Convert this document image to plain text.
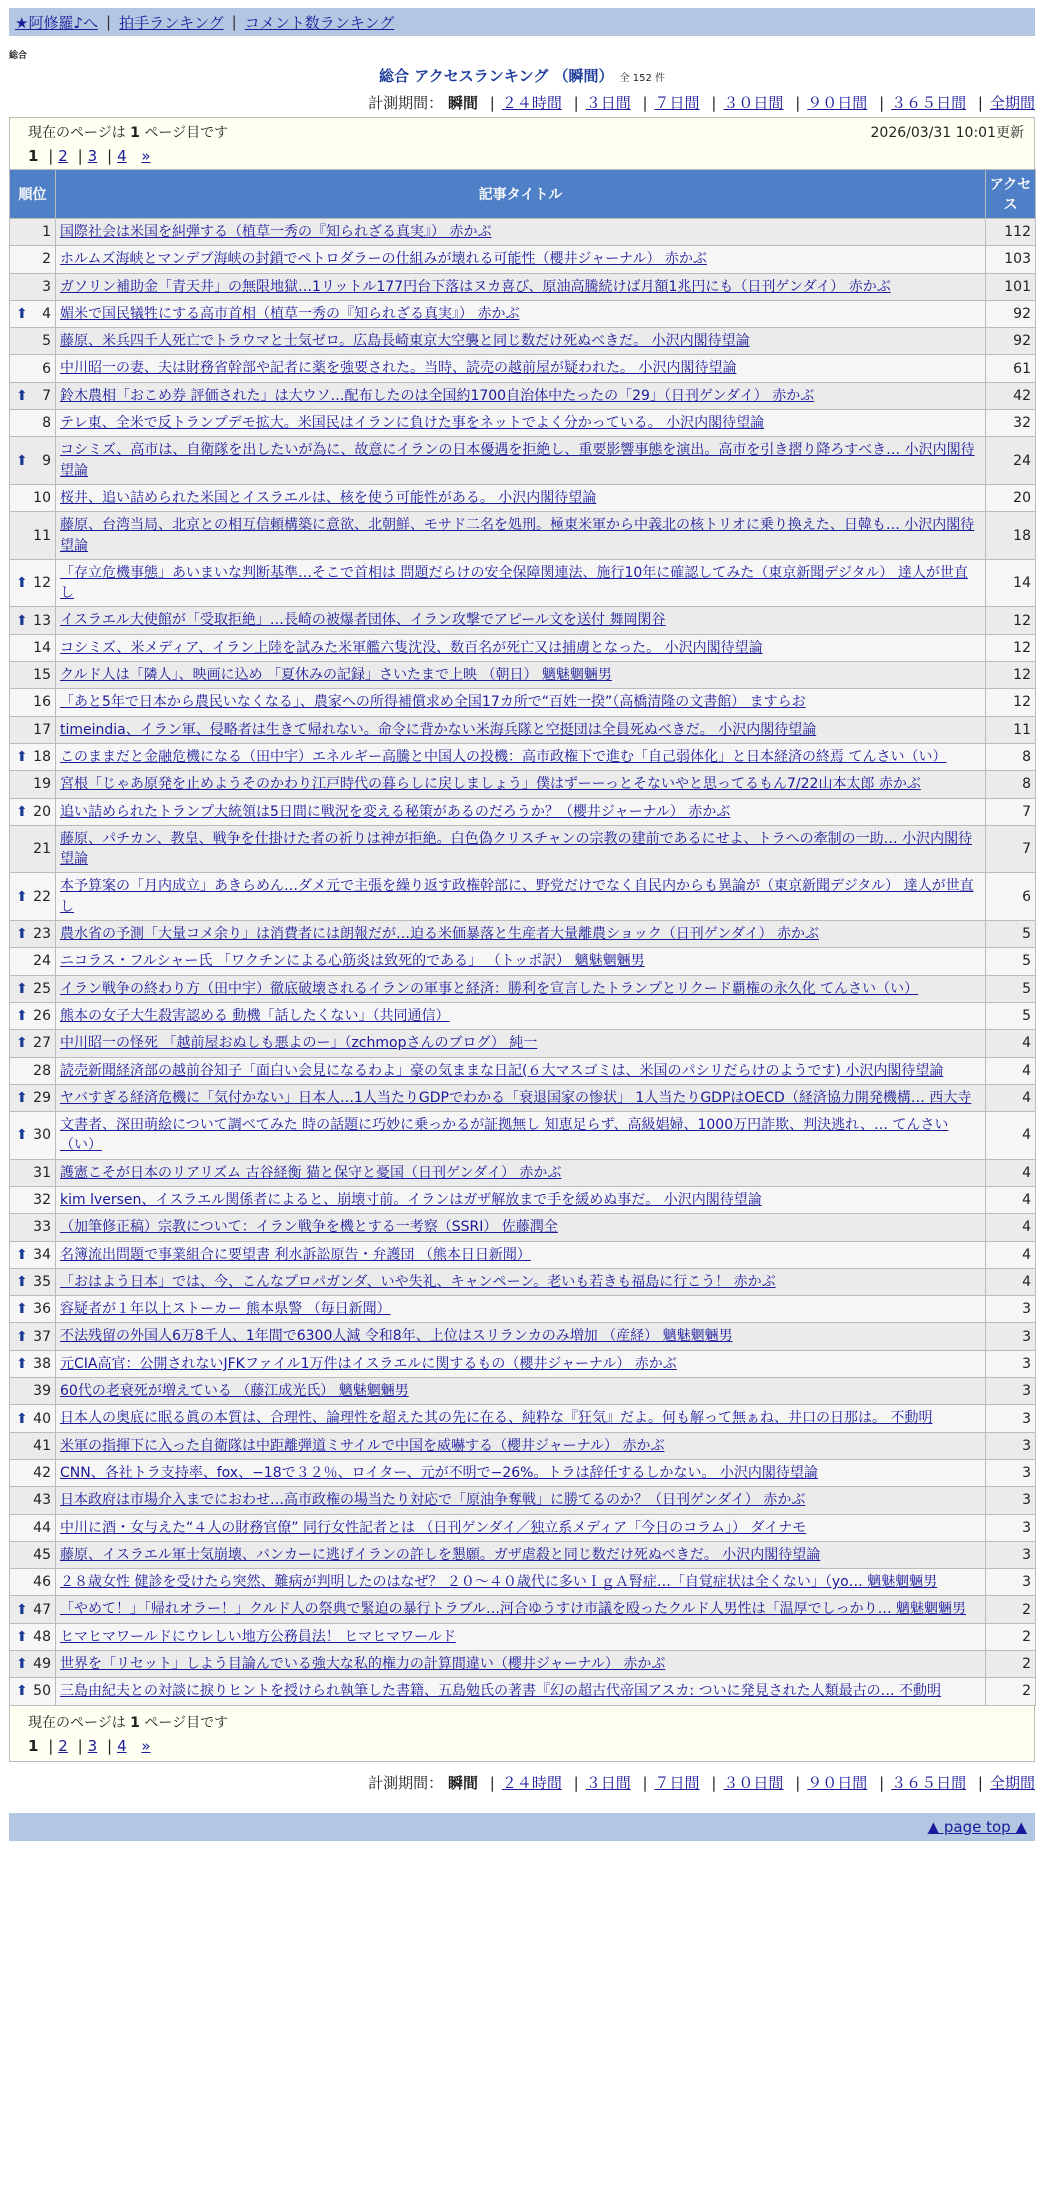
★阿修羅♪へ | 拍手ランキング | コメント数ランキング
総合
総合 アクセスランキング （瞬間） 全 152 件
計測期間： 瞬間 | ２４時間 | ３日間 | ７日間 | ３０日間 | ９０日間 | ３６５日間 | 全期間
現在のページは 1 ページ目です	2026/03/31 10:01更新
1 | 2 | 3 | 4 »
順位	記事タイトル	アクセス
1	国際社会は米国を糾弾する（植草一秀の『知られざる真実』） 赤かぶ	112
2	ホルムズ海峡とマンデブ海峡の封鎖でペトロダラーの仕組みが壊れる可能性（櫻井ジャーナル） 赤かぶ	103
3	ガソリン補助金「青天井」の無限地獄…1リットル177円台下落はヌカ喜び、原油高騰続けば月額1兆円にも（日刊ゲンダイ） 赤かぶ	101

⬆ 4	媚米で国民犠牲にする高市首相（植草一秀の『知られざる真実』） 赤かぶ	92
5	藤原、米兵四千人死亡でトラウマと士気ゼロ。広島長崎東京大空襲と同じ数だけ死ぬべきだ。 小沢内閣待望論	92
6	中川昭一の妻、夫は財務省幹部や記者に薬を強要された。当時、読売の越前屋が疑われた。 小沢内閣待望論	61

⬆ 7	鈴木農相「おこめ券 評価された」は大ウソ…配布したのは全国約1700自治体中たったの「29」（日刊ゲンダイ） 赤かぶ	42
8	テレ東、全米で反トランプデモ拡大。米国民はイランに負けた事をネットでよく分かっている。 小沢内閣待望論	32

⬆ 9	コシミズ、高市は、自衛隊を出したいが為に、故意にイランの日本優遇を拒絶し、重要影響事態を演出。高市を引き摺り降ろすべき… 小沢内閣待望論	24
10	桜井、追い詰められた米国とイスラエルは、核を使う可能性がある。 小沢内閣待望論	20
11	藤原、台湾当局、北京との相互信頼構築に意欲、北朝鮮、モサド二名を処刑。極東米軍から中義北の核トリオに乗り換えた、日韓も… 小沢内閣待望論	18

⬆ 12	「存立危機事態」あいまいな判断基準…そこで首相は 問題だらけの安全保障関連法、施行10年に確認してみた（東京新聞デジタル） 達人が世直し	14

⬆ 13	イスラエル大使館が「受取拒絶」…長崎の被爆者団体、イラン攻撃でアピール文を送付 舞岡閑谷	12
14	コシミズ、米メディア、イラン上陸を試みた米軍艦六隻沈没、数百名が死亡又は捕虜となった。 小沢内閣待望論	12
15	クルド人は「隣人」、映画に込め 「夏休みの記録」さいたまで上映 （朝日） 魑魅魍魎男	12
16	「あと5年で日本から農民いなくなる」、農家への所得補償求め全国17カ所で“百姓一揆”（高橋清隆の文書館） ますらお	12
17	timeindia、イラン軍、侵略者は生きて帰れない。命令に背かない米海兵隊と空挺団は全員死ぬべきだ。 小沢内閣待望論	11

⬆ 18	このままだと金融危機になる（田中宇）エネルギー高騰と中国人の投機：高市政権下で進む「自己弱体化」と日本経済の終焉 てんさい（い）	8
19	宮根「じゃあ原発を止めようそのかわり江戸時代の暮らしに戻しましょう」僕はずーーっとそないやと思ってるもん7/22山本太郎 赤かぶ	8

⬆ 20	追い詰められたトランプ大統領は5日間に戦況を変える秘策があるのだろうか？（櫻井ジャーナル） 赤かぶ	7
21	藤原、パチカン、教皇、戦争を仕掛けた者の祈りは神が拒絶。白色偽クリスチャンの宗教の建前であるにせよ、トラへの牽制の一助… 小沢内閣待望論	7

⬆ 22	本予算案の「月内成立」あきらめん…ダメ元で主張を繰り返す政権幹部に、野党だけでなく自民内からも異論が（東京新聞デジタル） 達人が世直し	6

⬆ 23	農水省の予測「大量コメ余り」は消費者には朗報だが…迫る米価暴落と生産者大量離農ショック（日刊ゲンダイ） 赤かぶ	5
24	ニコラス・フルシャー氏 「ワクチンによる心筋炎は致死的である」 （トッポ訳） 魑魅魍魎男	5

⬆ 25	イラン戦争の終わり方（田中宇）徹底破壊されるイランの軍事と経済：勝利を宣言したトランプとリクード覇権の永久化 てんさい（い）	5

⬆ 26	熊本の女子大生殺害認める 動機「話したくない」（共同通信）	5

⬆ 27	中川昭一の怪死 「越前屋おぬしも悪よのー」（zchmopさんのブログ） 純一	4
28	読売新聞経済部の越前谷知子「面白い会見になるわよ」豪の気ままな日記(６大マスゴミは、米国のパシリだらけのようです) 小沢内閣待望論	4

⬆ 29	ヤバすぎる経済危機に「気付かない」日本人…1人当たりGDPでわかる「衰退国家の惨状」 1人当たりGDPはOECD（経済協力開発機構… 西大寺	4

⬆ 30	文書者、深田萌絵について調べてみた 時の話題に巧妙に乗っかるが証拠無し 知恵足らず、高級娼婦、1000万円詐欺、判決逃れ、… てんさい（い）	4
31	護憲こそが日本のリアリズム 古谷経衡 猫と保守と憂国（日刊ゲンダイ） 赤かぶ	4
32	kim lversen、イスラエル関係者によると、崩壊寸前。イランはガザ解放まで手を緩めぬ事だ。 小沢内閣待望論	4
33	（加筆修正稿）宗教について：イラン戦争を機とする一考察（SSRI） 佐藤潤全	4

⬆ 34	名簿流出問題で事業組合に要望書 利水訴訟原告・弁護団 （熊本日日新聞）	4

⬆ 35	「おはよう日本」では、今、こんなプロパガンダ、いや失礼、キャンペーン。老いも若きも福島に行こう！ 赤かぶ	4

⬆ 36	容疑者が１年以上ストーカー 熊本県警 （毎日新聞）	3

⬆ 37	不法残留の外国人6万8千人、1年間で6300人減 令和8年、上位はスリランカのみ増加 （産経） 魑魅魍魎男	3

⬆ 38	元CIA高官：公開されないJFKファイル1万件はイスラエルに関するもの（櫻井ジャーナル） 赤かぶ	3
39	60代の老衰死が増えている （藤江成光氏） 魑魅魍魎男	3

⬆ 40	日本人の奥底に眠る眞の本質は、合理性、論理性を超えた其の先に在る、純粋な『狂気』だよ。何も解って無ぁね、井口の日那は。 不動明	3
41	米軍の指揮下に入った自衛隊は中距離弾道ミサイルで中国を威嚇する（櫻井ジャーナル） 赤かぶ	3
42	CNN、各社トラ支持率、fox、−18で３２％、ロイター、元が不明で−26%。トラは辞任するしかない。 小沢内閣待望論	3
43	日本政府は市場介入までにおわせ…高市政権の場当たり対応で「原油争奪戦」に勝てるのか？（日刊ゲンダイ） 赤かぶ	3
44	中川に酒・女与えた“４人の財務官僚” 同行女性記者とは （日刊ゲンダイ／独立系メディア「今日のコラム」） ダイナモ	3
45	藤原、イスラエル軍士気崩壊、バンカーに逃げイランの許しを懇願。ガザ虐殺と同じ数だけ死ぬべきだ。 小沢内閣待望論	3
46	２８歳女性 健診を受けたら突然、難病が判明したのはなぜ？ ２０～４０歳代に多いＩｇＡ腎症…「自覚症状は全くない」（yo… 魑魅魍魎男	3

⬆ 47	「やめて！」「帰れオラー！」クルド人の祭典で緊迫の暴行トラブル…河合ゆうすけ市議を殴ったクルド人男性は「温厚でしっかり… 魑魅魍魎男	2

⬆ 48	ヒマヒマワールドにウレしい地方公務員法！ ヒマヒマワールド	2

⬆ 49	世界を「リセット」しよう目論んでいる強大な私的権力の計算間違い（櫻井ジャーナル） 赤かぶ	2

⬆ 50	三島由紀夫との対談に捩りヒントを授けられ執筆した書籍、五島勉氏の著書『幻の超古代帝国アスカ: ついに発見された人類最古の… 不動明	2
現在のページは 1 ページ目です
1 | 2 | 3 | 4 »
計測期間： 瞬間 | ２４時間 | ３日間 | ７日間 | ３０日間 | ９０日間 | ３６５日間 | 全期間
▲ page top ▲
